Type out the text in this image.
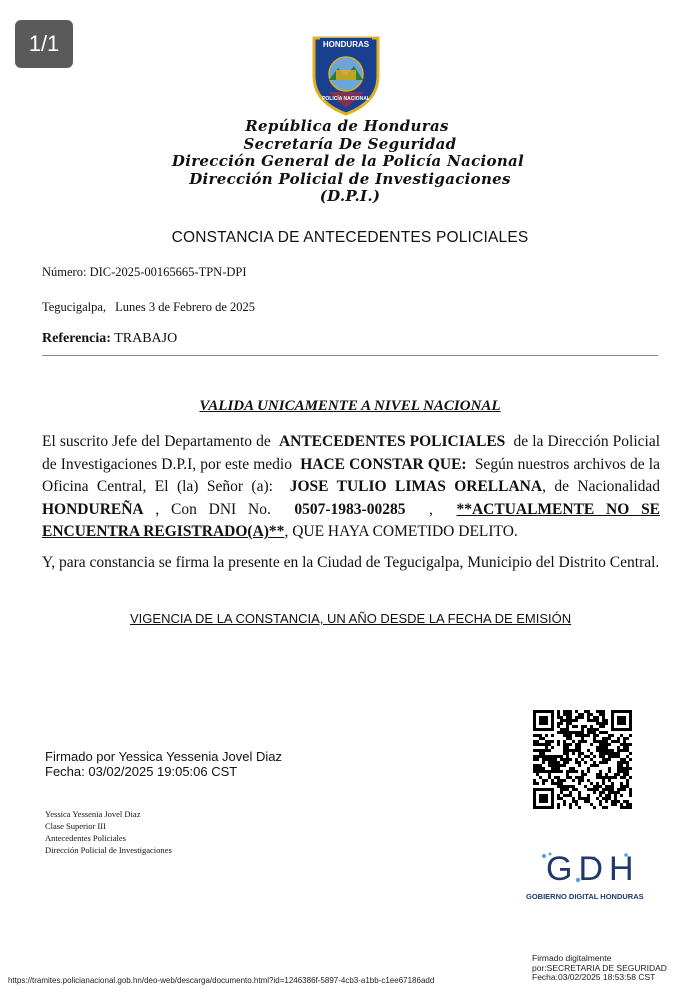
1/1	HONDURAS
POLICÍA NACIONAL
República de Honduras
Secretaría De Seguridad
Dirección General de la Policía Nacional
Dirección Policial de Investigaciones
(D.P.I.)
CONSTANCIA DE ANTECEDENTES POLICIALES
Número: DIC-2025-00165665-TPN-DPI
Tegucigalpa, Lunes 3 de Febrero de 2025
Referencia: TRABAJO
VALIDA UNICAMENTE A NIVEL NACIONAL
El suscrito Jefe del Departamento de ANTECEDENTES POLICIALES de la Dirección Policial de Investigaciones D.P.I, por este medio HACE CONSTAR QUE: Según nuestros archivos de la Oficina Central, El (la) Señor (a): JOSE TULIO LIMAS ORELLANA, de Nacionalidad HONDUREÑA , Con DNI No. 0507-1983-00285 , **ACTUALMENTE NO SE ENCUENTRA REGISTRADO(A)**, QUE HAYA COMETIDO DELITO.
Y, para constancia se firma la presente en la Ciudad de Tegucigalpa, Municipio del Distrito Central.
VIGENCIA DE LA CONSTANCIA, UN AÑO DESDE LA FECHA DE EMISIÓN
Firmado por Yessica Yessenia Jovel Diaz
Fecha: 03/02/2025 19:05:06 CST
Yessica Yessenia Jovel Diaz
Clase Superior III
Antecedentes Policiales
Dirección Policial de Investigaciones	GDH
GOBIERNO DIGITAL HONDURAS
Firmado digitalmente
por:SECRETARIA DE SEGURIDAD
Fecha:03/02/2025 18:53:58 CST
https://tramites.policianacional.gob.hn/deo-web/descarga/documento.html?id=1246386f-5897-4cb3-a1bb-c1ee67186add
